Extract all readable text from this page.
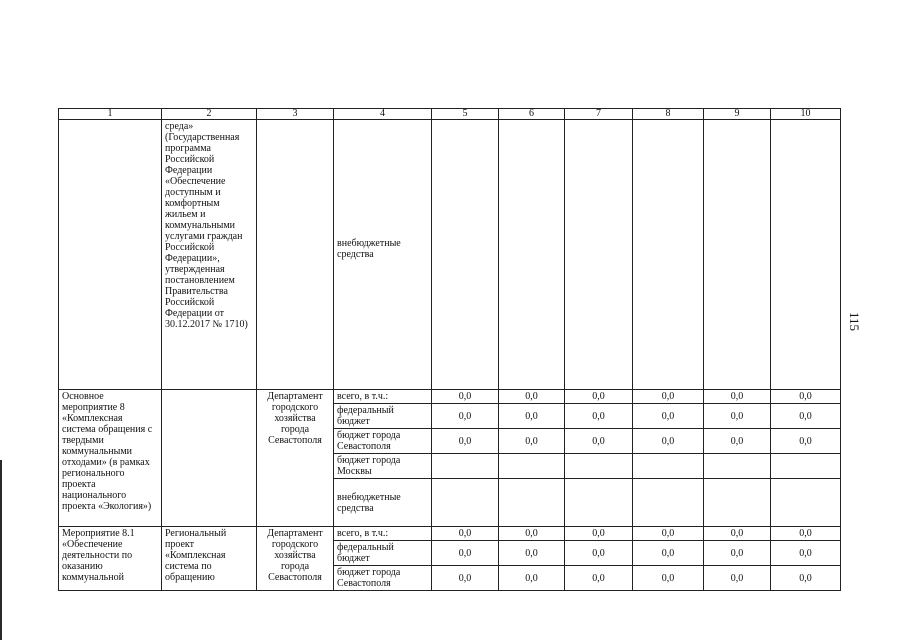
115
1	2	3	4	5	6	7	8	9	10
	среда» (Государственная программа Российской Федерации «Обеспечение доступным и комфортным жильем и коммунальными услугами граждан Российской Федерации», утвержденная постановлением Правительства Российской Федерации от 30.12.2017 № 1710)		внебюджетные средства						
Основное мероприятие 8 «Комплексная система обращения с твердыми коммунальными отходами» (в рамках регионального проекта национального проекта «Экология»)		Департамент городского хозяйства города Севастополя	всего, в т.ч.:	0,0	0,0	0,0	0,0	0,0	0,0
			федеральный бюджет	0,0	0,0	0,0	0,0	0,0	0,0
			бюджет города Севастополя	0,0	0,0	0,0	0,0	0,0	0,0
			бюджет города Москвы						
			внебюджетные средства						
Мероприятие 8.1 «Обеспечение деятельности по оказанию коммунальной	Региональный проект «Комплексная система по обращению	Департамент городского хозяйства города Севастополя	всего, в т.ч.:	0,0	0,0	0,0	0,0	0,0	0,0
			федеральный бюджет	0,0	0,0	0,0	0,0	0,0	0,0
			бюджет города Севастополя	0,0	0,0	0,0	0,0	0,0	0,0
